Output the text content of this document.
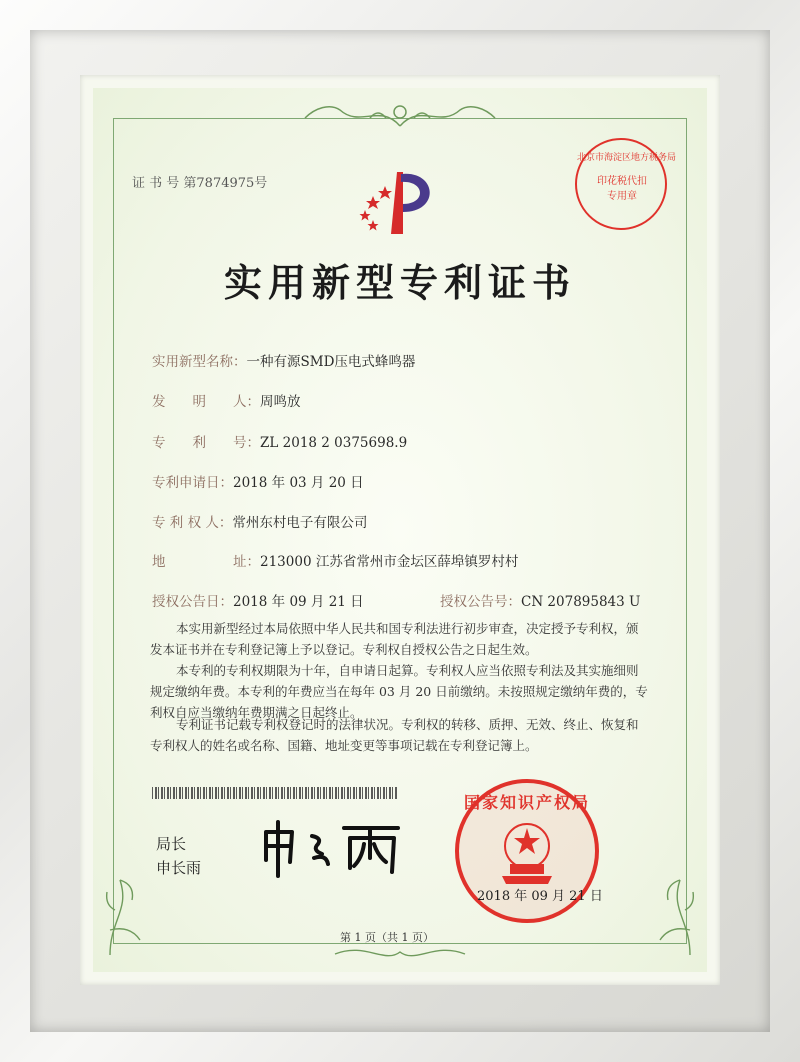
证 书 号 第7874975号
北京市海淀区地方税务局
印花税代扣专用章
实用新型专利证书
实用新型名称：一种有源SMD压电式蜂鸣器
发　　明　　人：周鸣放
专　　利　　号：ZL 2018 2 0375698.9
专利申请日：2018 年 03 月 20 日
专 利 权 人：常州东村电子有限公司
地　　　　　址：213000 江苏省常州市金坛区薛埠镇罗村村
授权公告日：2018 年 09 月 21 日	授权公告号：CN 207895843 U
本实用新型经过本局依照中华人民共和国专利法进行初步审查，决定授予专利权，颁发本证书并在专利登记簿上予以登记。专利权自授权公告之日起生效。
本专利的专利权期限为十年，自申请日起算。专利权人应当依照专利法及其实施细则规定缴纳年费。本专利的年费应当在每年 03 月 20 日前缴纳。未按照规定缴纳年费的，专利权自应当缴纳年费期满之日起终止。
专利证书记载专利权登记时的法律状况。专利权的转移、质押、无效、终止、恢复和专利权人的姓名或名称、国籍、地址变更等事项记载在专利登记簿上。
局长
申长雨
国家知识产权局
2018 年 09 月 21 日
第 1 页（共 1 页）
